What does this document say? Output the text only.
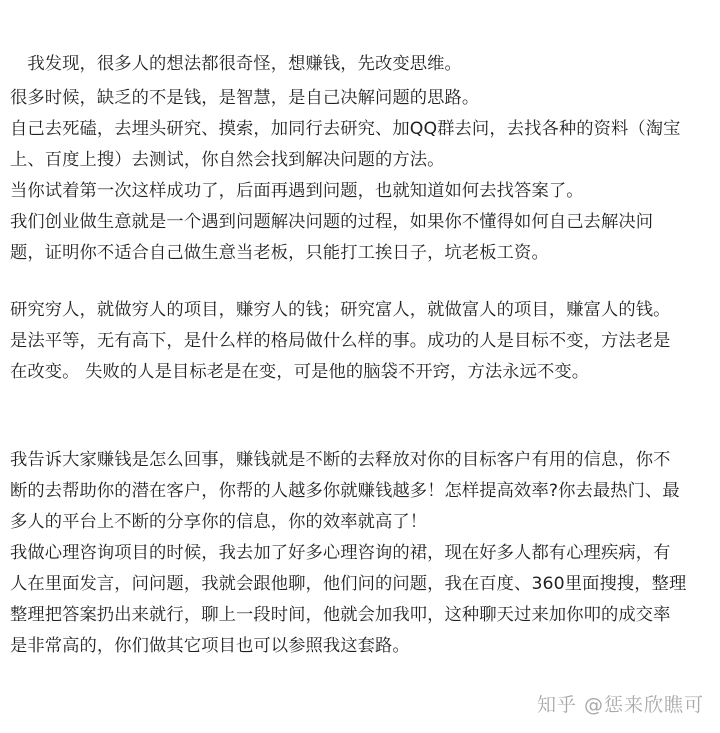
　我发现，很多人的想法都很奇怪，想赚钱，先改变思维。
很多时候，缺乏的不是钱，是智慧，是自己决解问题的思路。
自己去死磕，去埋头研究、摸索，加同行去研究、加QQ群去问，去找各种的资料（淘宝
上、百度上搜）去测试，你自然会找到解决问题的方法。
当你试着第一次这样成功了，后面再遇到问题，也就知道如何去找答案了。
我们创业做生意就是一个遇到问题解决问题的过程，如果你不懂得如何自己去解决问
题，证明你不适合自己做生意当老板，只能打工挨日子，坑老板工资。
研究穷人，就做穷人的项目，赚穷人的钱；研究富人，就做富人的项目，赚富人的钱。
是法平等，无有高下，是什么样的格局做什么样的事。成功的人是目标不变，方法老是
在改变。 失败的人是目标老是在变，可是他的脑袋不开窍，方法永远不变。
我告诉大家赚钱是怎么回事，赚钱就是不断的去释放对你的目标客户有用的信息，你不
断的去帮助你的潜在客户，你帮的人越多你就赚钱越多！怎样提高效率?你去最热门、最
多人的平台上不断的分享你的信息，你的效率就高了！
我做心理咨询项目的时候，我去加了好多心理咨询的裙，现在好多人都有心理疾病，有
人在里面发言，问问题，我就会跟他聊，他们问的问题，我在百度、360里面搜搜，整理
整理把答案扔出来就行，聊上一段时间，他就会加我叩，这种聊天过来加你叩的成交率
是非常高的，你们做其它项目也可以参照我这套路。
知乎 @惩来欣瞧可
